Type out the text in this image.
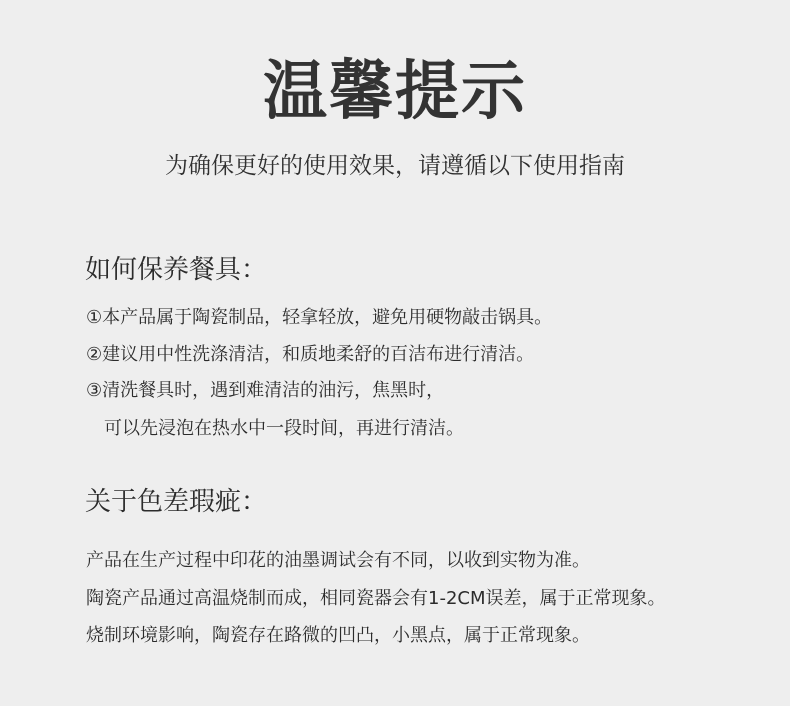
温馨提示
为确保更好的使用效果，请遵循以下使用指南
如何保养餐具：
①本产品属于陶瓷制品，轻拿轻放，避免用硬物敲击锅具。
②建议用中性洗涤清洁，和质地柔舒的百洁布进行清洁。
③清洗餐具时，遇到难清洁的油污，焦黑时，
可以先浸泡在热水中一段时间，再进行清洁。
关于色差瑕疵：
产品在生产过程中印花的油墨调试会有不同，以收到实物为准。
陶瓷产品通过高温烧制而成，相同瓷器会有1-2CM误差，属于正常现象。
烧制环境影响，陶瓷存在路微的凹凸，小黑点，属于正常现象。
